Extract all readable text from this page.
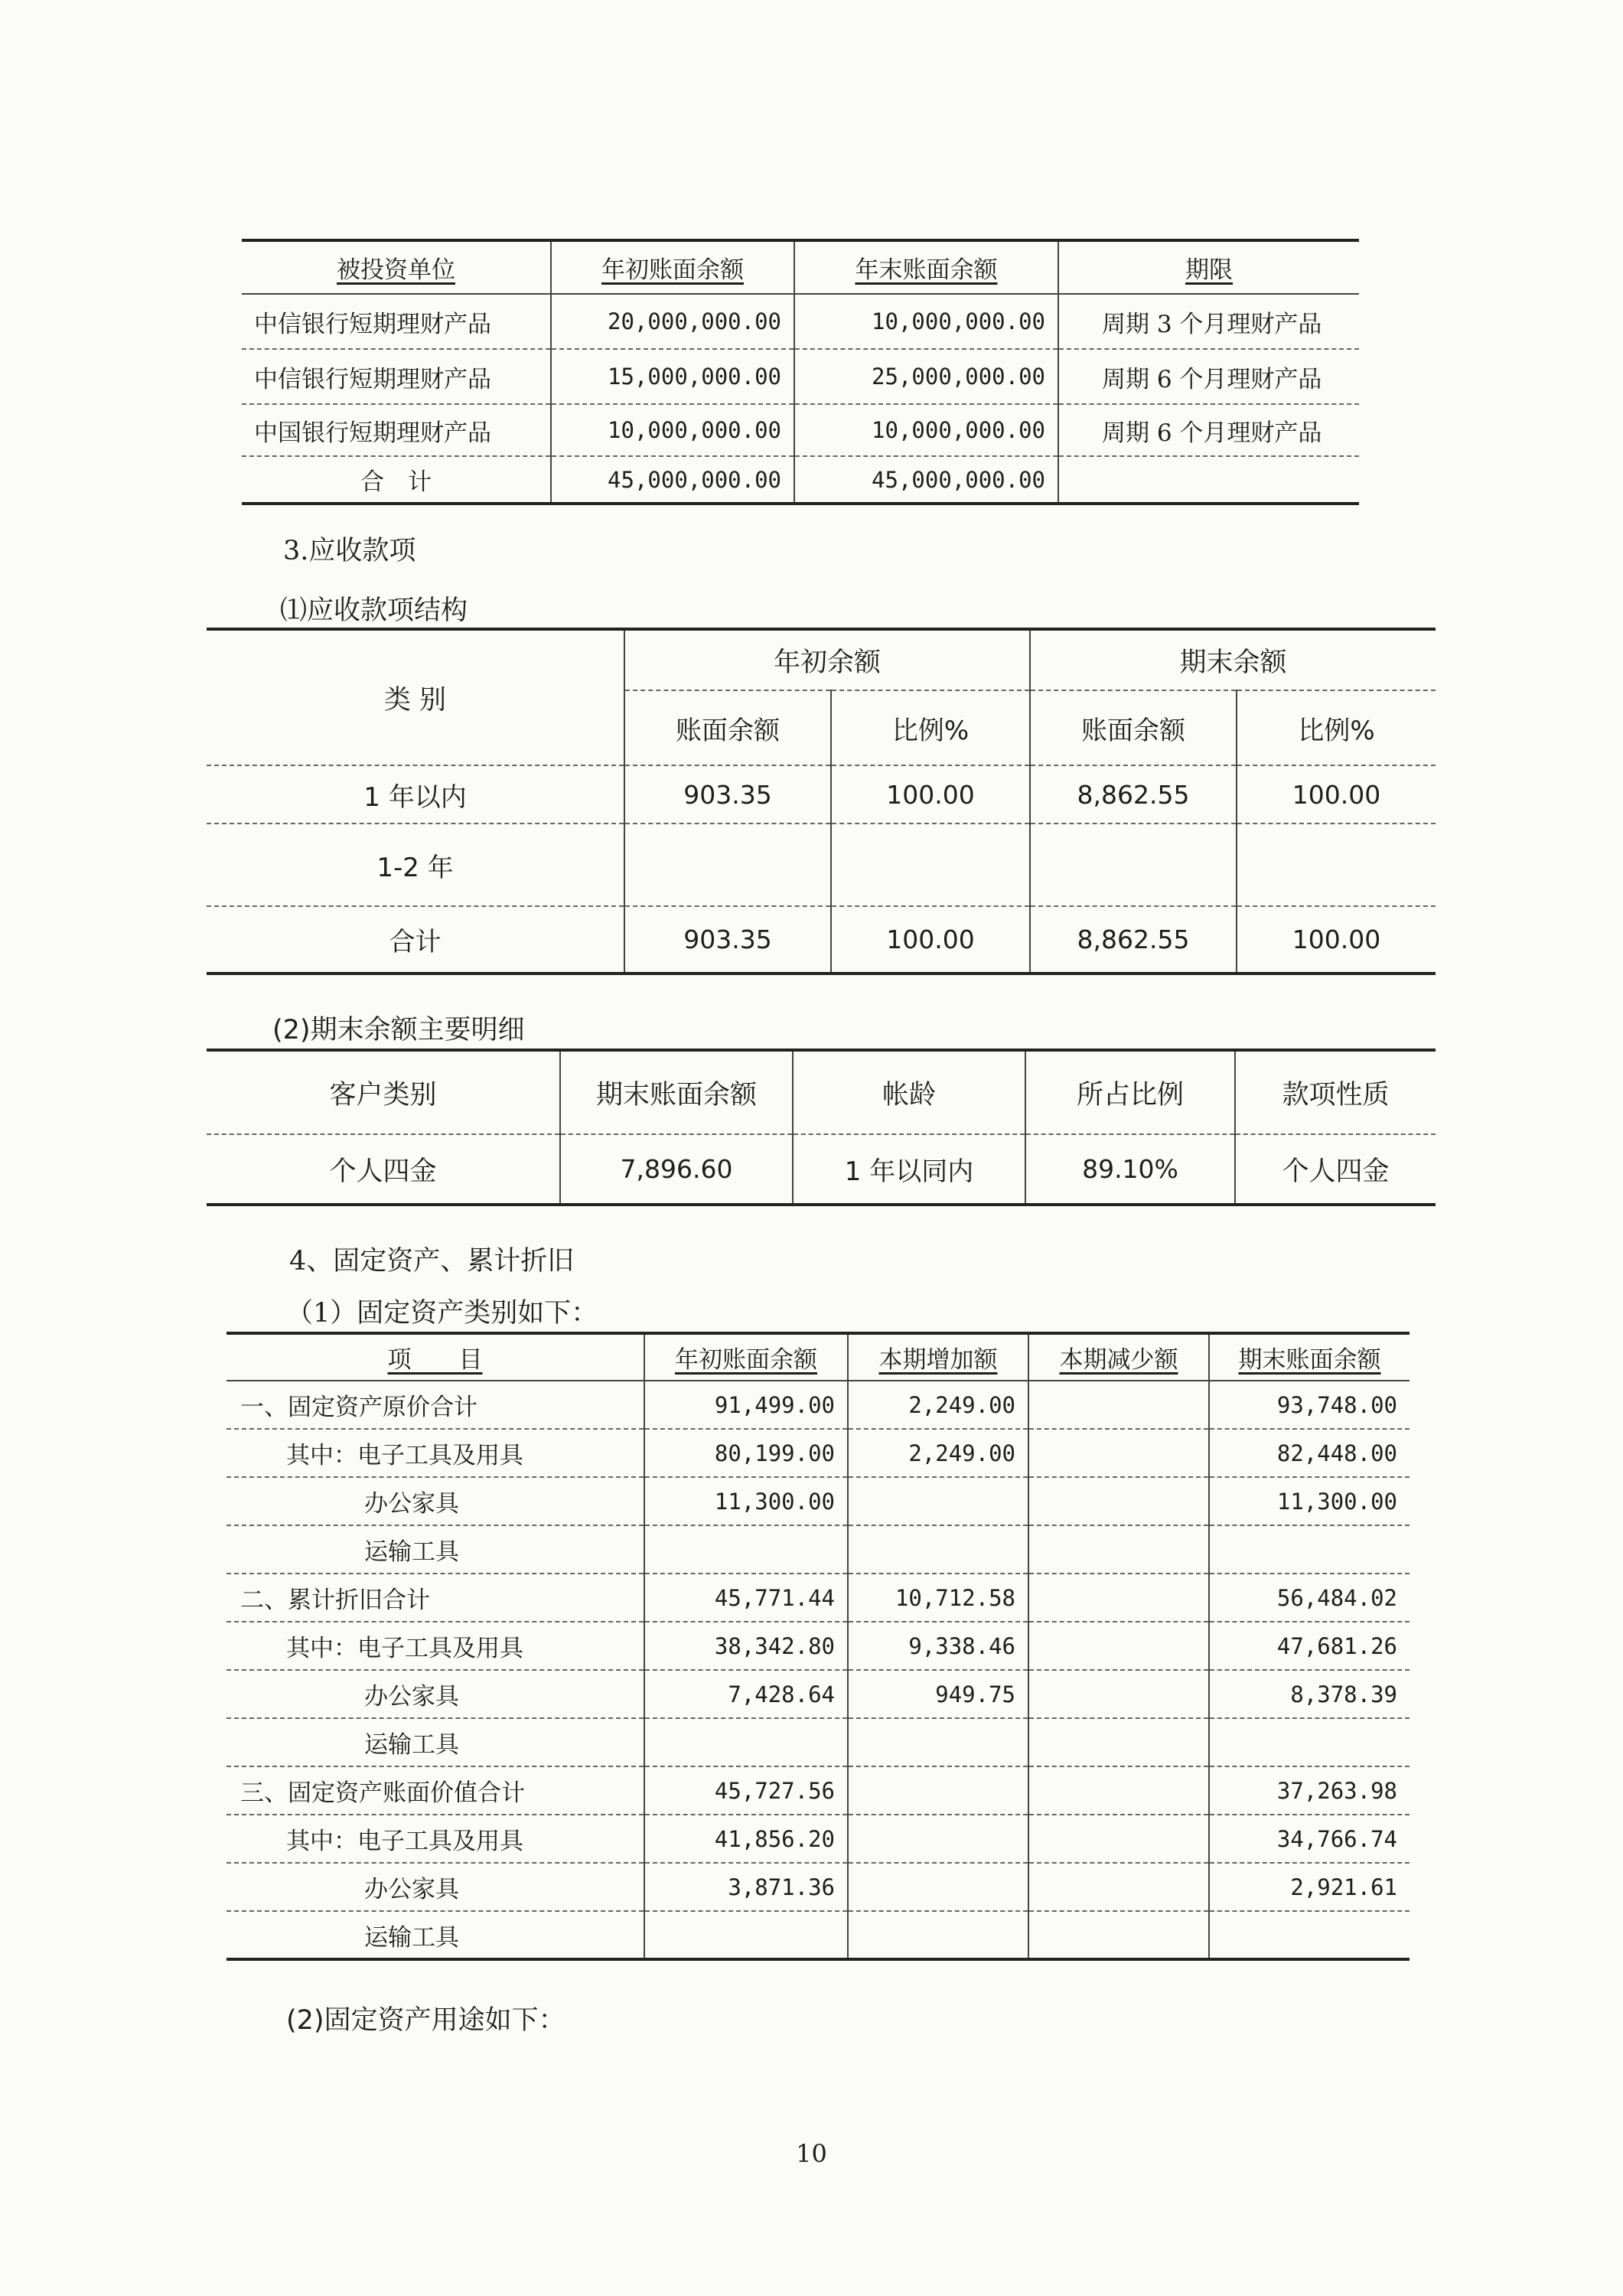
被投资单位	年初账面余额	年末账面余额	期限
中信银行短期理财产品	20,000,000.00	10,000,000.00	周期 3 个月理财产品
中信银行短期理财产品	15,000,000.00	25,000,000.00	周期 6 个月理财产品
中国银行短期理财产品	10,000,000.00	10,000,000.00	周期 6 个月理财产品
合　计	45,000,000.00	45,000,000.00	
3.应收款项
⑴应收款项结构
类 别	年初余额		期末余额	
	账面余额	比例%	账面余额	比例%
1 年以内	903.35	100.00	8,862.55	100.00
1-2 年				
合计	903.35	100.00	8,862.55	100.00
(2)期末余额主要明细
客户类别	期末账面余额	帐龄	所占比例	款项性质
个人四金	7,896.60	1 年以同内	89.10%	个人四金
4、固定资产、累计折旧
（1）固定资产类别如下：
项　　目	年初账面余额	本期增加额	本期减少额	期末账面余额
一、固定资产原价合计	91,499.00	2,249.00		93,748.00
其中：电子工具及用具	80,199.00	2,249.00		82,448.00
办公家具	11,300.00			11,300.00
运输工具				
二、累计折旧合计	45,771.44	10,712.58		56,484.02
其中：电子工具及用具	38,342.80	9,338.46		47,681.26
办公家具	7,428.64	949.75		8,378.39
运输工具				
三、固定资产账面价值合计	45,727.56			37,263.98
其中：电子工具及用具	41,856.20			34,766.74
办公家具	3,871.36			2,921.61
运输工具				
(2)固定资产用途如下：
10
